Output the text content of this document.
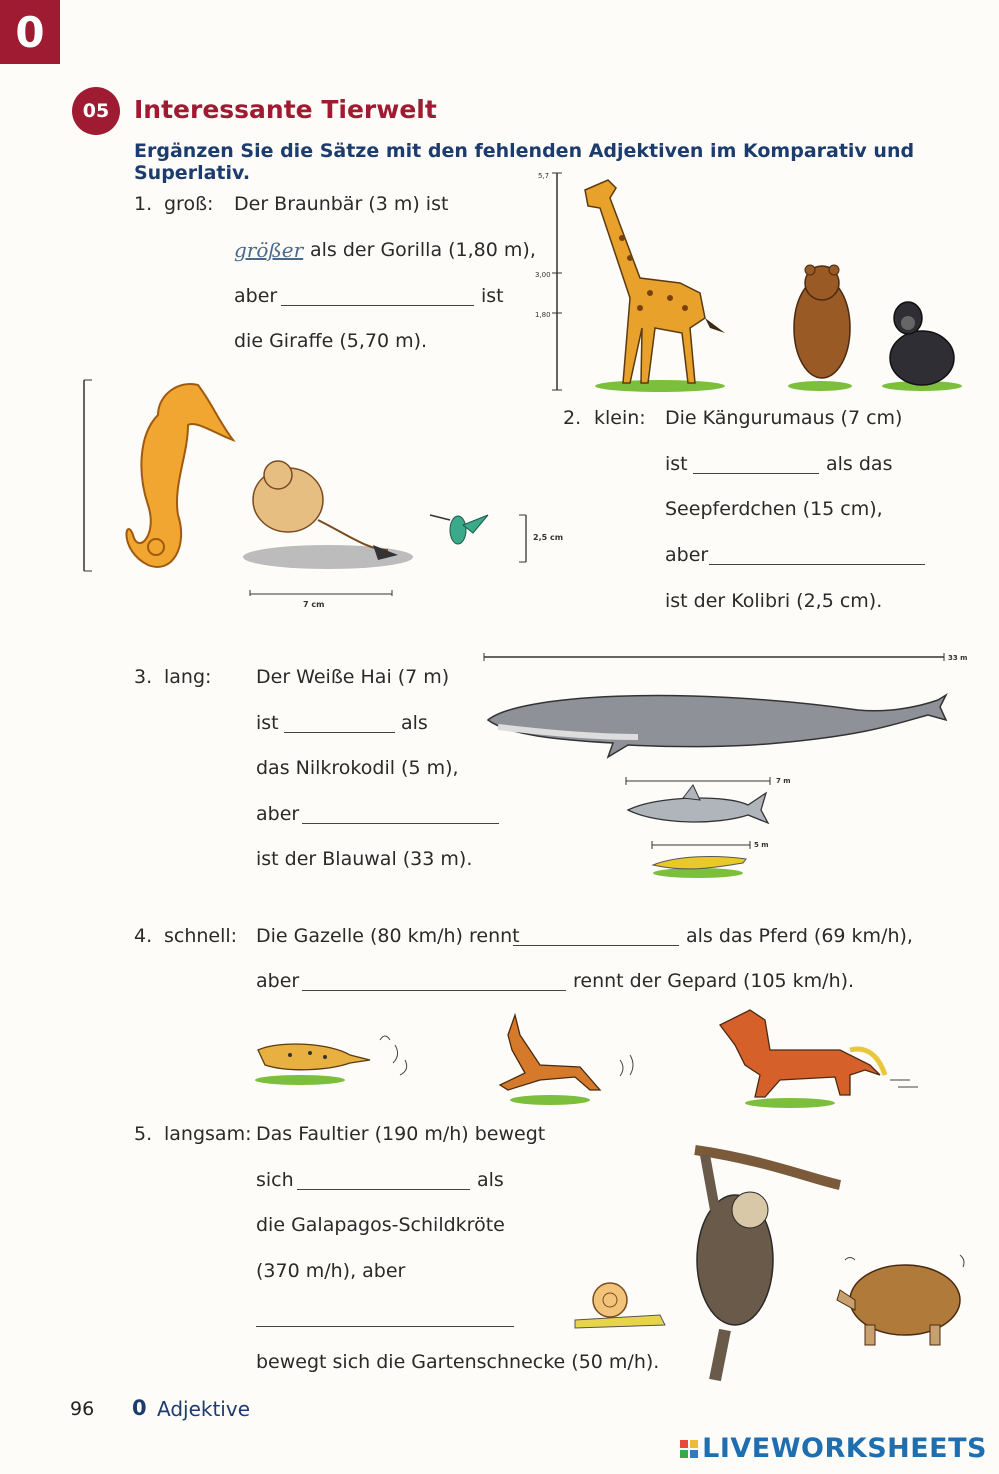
0
05 Interessante Tierwelt
Ergänzen Sie die Sätze mit den fehlenden Adjektiven im Komparativ und Superlativ.
1. groß: Der Braunbär (3 m) ist
größer als der Gorilla (1,80 m),
aber	ist
die Giraffe (5,70 m).
5,7
3,00
1,80
7 cm
2,5 cm
2. klein: Die Kängurumaus (7 cm)
ist	als das
Seepferdchen (15 cm),
aber
ist der Kolibri (2,5 cm).
3. lang: Der Weiße Hai (7 m)
ist	als
das Nilkrokodil (5 m),
aber
ist der Blauwal (33 m).
33 m
7 m
5 m
4. schnell: Die Gazelle (80 km/h) rennt	als das Pferd (69 km/h),
aber	rennt der Gepard (105 km/h).
5. langsam: Das Faultier (190 m/h) bewegt
sich	als
die Galapagos-Schildkröte
(370 m/h), aber
bewegt sich die Gartenschnecke (50 m/h).
96 0 Adjektive
LIVEWORKSHEETS
